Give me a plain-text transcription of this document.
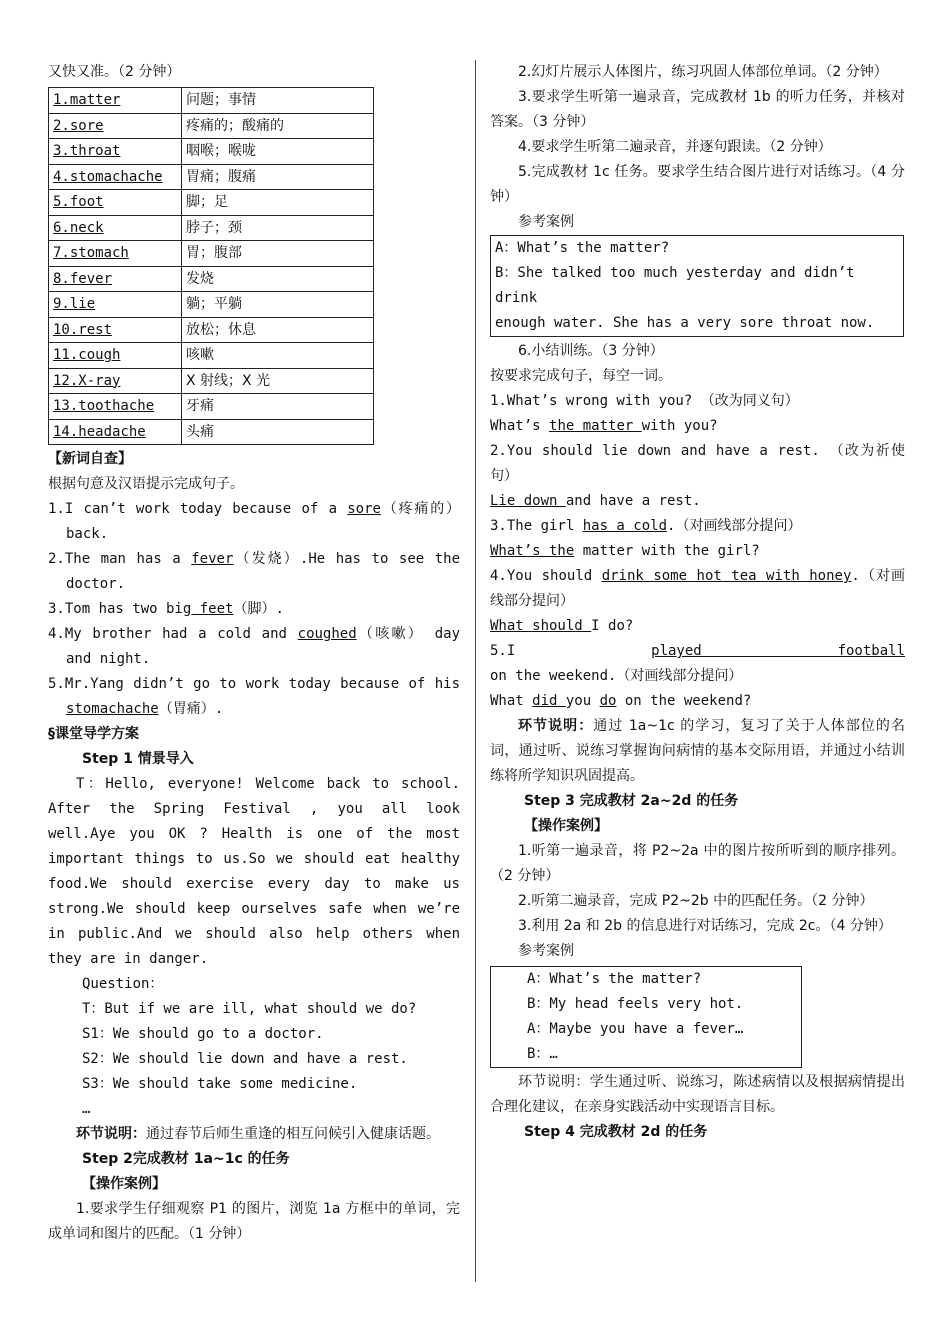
又快又准。（2 分钟）

1.matter	问题；事情
2.sore	疼痛的；酸痛的
3.throat	咽喉；喉咙
4.stomachache	胃痛；腹痛
5.foot	脚；足
6.neck	脖子；颈
7.stomach	胃；腹部
8.fever	发烧
9.lie	躺；平躺
10.rest	放松；休息
11.cough	咳嗽
12.X-ray	X 射线；X 光
13.toothache	牙痛
14.headache	头痛

【新词自查】

根据句意及汉语提示完成句子。

1.I can’t work today because of a sore（疼痛的） back.

2.The man has a fever（发烧）.He has to see the doctor.

3.Tom has two big feet（脚）.

4.My brother had a cold and coughed（咳嗽） day and night.

5.Mr.Yang didn’t go to work today because of his stomachache（胃痛）.

§课堂导学方案

Step 1 情景导入

T：Hello, everyone! Welcome back to school. After the Spring Festival , you all look well.Aye you OK ? Health is one of the most important things to us.So we should eat healthy food.We should exercise every day to make us strong.We should keep ourselves safe when we’re in public.And we should also help others when they are in danger.

Question：

T：But if we are ill, what should we do?

S1：We should go to a doctor.

S2：We should lie down and have a rest.

S3：We should take some medicine.

…

环节说明：通过春节后师生重逢的相互问候引入健康话题。

Step 2完成教材 1a~1c 的任务

【操作案例】

1.要求学生仔细观察 P1 的图片，浏览 1a 方框中的单词，完成单词和图片的匹配。（1 分钟）

2.幻灯片展示人体图片，练习巩固人体部位单词。（2 分钟）

3.要求学生听第一遍录音，完成教材 1b 的听力任务，并核对答案。（3 分钟）

4.要求学生听第二遍录音，并逐句跟读。（2 分钟）

5.完成教材 1c 任务。要求学生结合图片进行对话练习。（4 分钟）

参考案例

A：What’s the matter?
B：She talked too much yesterday and didn’t drink
enough water. She has a very sore throat now.

6.小结训练。（3 分钟）

按要求完成句子，每空一词。

1.What’s wrong with you? （改为同义句）

What’s the matter with you?

2.You should lie down and have a rest. （改为祈使句）

Lie down and have a rest.

3.The girl has a cold.（对画线部分提问）

What’s the matter with the girl?

4.You should drink some hot tea with honey.（对画线部分提问）

What should I do?

5.I played football on the weekend.（对画线部分提问）

What did you do on the weekend?

环节说明：通过 1a~1c 的学习，复习了关于人体部位的名词，通过听、说练习掌握询问病情的基本交际用语，并通过小结训练将所学知识巩固提高。

Step 3 完成教材 2a~2d 的任务

【操作案例】

1.听第一遍录音，将 P2~2a 中的图片按所听到的顺序排列。（2 分钟）

2.听第二遍录音，完成 P2~2b 中的匹配任务。（2 分钟）

3.利用 2a 和 2b 的信息进行对话练习，完成 2c。（4 分钟）

参考案例

A：What’s the matter?
B：My head feels very hot.
A：Maybe you have a fever…
B：…

环节说明：学生通过听、说练习，陈述病情以及根据病情提出合理化建议，在亲身实践活动中实现语言目标。

Step 4 完成教材 2d 的任务
